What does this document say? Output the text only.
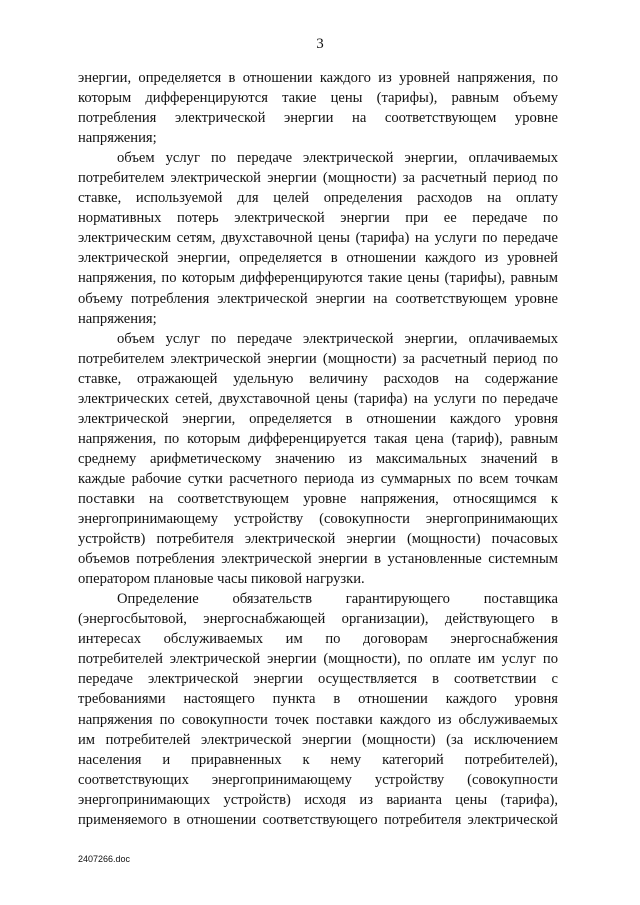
3
энергии, определяется в отношении каждого из уровней напряжения, по
которым дифференцируются такие цены (тарифы), равным объему
потребления электрической энергии на соответствующем уровне
напряжения;
объем услуг по передаче электрической энергии, оплачиваемых
потребителем электрической энергии (мощности) за расчетный период по
ставке, используемой для целей определения расходов на оплату
нормативных потерь электрической энергии при ее передаче по
электрическим сетям, двухставочной цены (тарифа) на услуги по передаче
электрической энергии, определяется в отношении каждого из уровней
напряжения, по которым дифференцируются такие цены (тарифы), равным
объему потребления электрической энергии на соответствующем уровне
напряжения;
объем услуг по передаче электрической энергии, оплачиваемых
потребителем электрической энергии (мощности) за расчетный период по
ставке, отражающей удельную величину расходов на содержание
электрических сетей, двухставочной цены (тарифа) на услуги по передаче
электрической энергии, определяется в отношении каждого уровня
напряжения, по которым дифференцируется такая цена (тариф), равным
среднему арифметическому значению из максимальных значений в
каждые рабочие сутки расчетного периода из суммарных по всем точкам
поставки на соответствующем уровне напряжения, относящимся к
энергопринимающему устройству (совокупности энергопринимающих
устройств) потребителя электрической энергии (мощности) почасовых
объемов потребления электрической энергии в установленные системным
оператором плановые часы пиковой нагрузки.
Определение обязательств гарантирующего поставщика
(энергосбытовой, энергоснабжающей организации), действующего в
интересах обслуживаемых им по договорам энергоснабжения
потребителей электрической энергии (мощности), по оплате им услуг по
передаче электрической энергии осуществляется в соответствии с
требованиями настоящего пункта в отношении каждого уровня
напряжения по совокупности точек поставки каждого из обслуживаемых
им потребителей электрической энергии (мощности) (за исключением
населения и приравненных к нему категорий потребителей),
соответствующих энергопринимающему устройству (совокупности
энергопринимающих устройств) исходя из варианта цены (тарифа),
применяемого в отношении соответствующего потребителя электрической
2407266.doc
